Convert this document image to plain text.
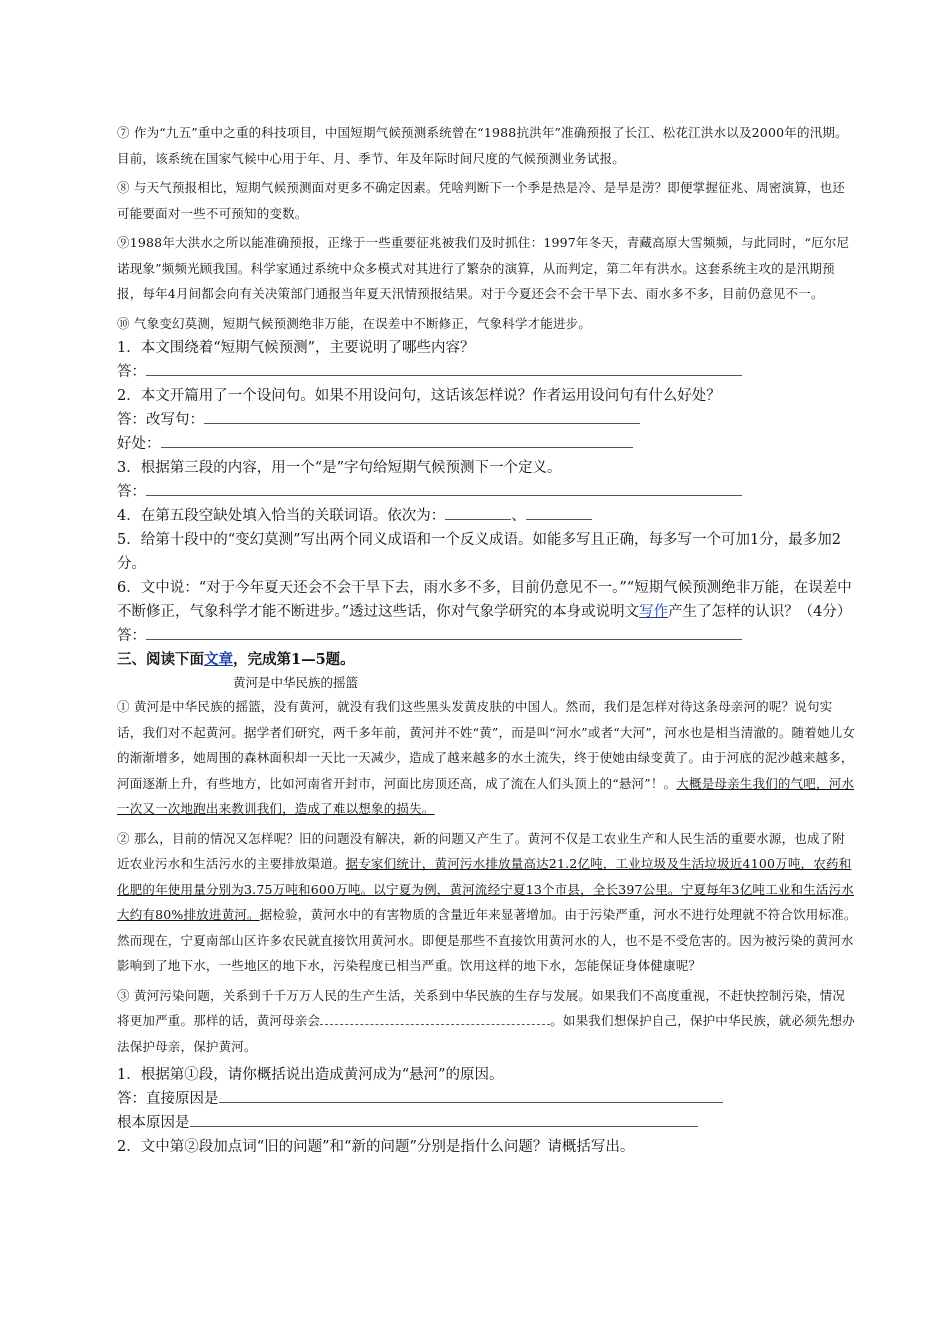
⑦ 作为“九五”重中之重的科技项目，中国短期气候预测系统曾在“1988抗洪年”准确预报了长江、松花江洪水以及2000年的汛期。目前，该系统在国家气候中心用于年、月、季节、年及年际时间尺度的气候预测业务试报。

⑧ 与天气预报相比，短期气候预测面对更多不确定因素。凭啥判断下一个季是热是冷、是旱是涝？即便掌握征兆、周密演算，也还可能要面对一些不可预知的变数。

⑨1988年大洪水之所以能准确预报，正缘于一些重要征兆被我们及时抓住：1997年冬天，青藏高原大雪频频，与此同时，“厄尔尼诺现象”频频光顾我国。科学家通过系统中众多模式对其进行了繁杂的演算，从而判定，第二年有洪水。这套系统主攻的是汛期预报，每年4月间都会向有关决策部门通报当年夏天汛情预报结果。对于今夏还会不会干旱下去、雨水多不多，目前仍意见不一。

⑩ 气象变幻莫测，短期气候预测绝非万能，在误差中不断修正，气象科学才能进步。

1．本文围绕着“短期气候预测”，主要说明了哪些内容？

答：

2．本文开篇用了一个设问句。如果不用设问句，这话该怎样说？作者运用设问句有什么好处？

答：改写句：

好处：

3．根据第三段的内容，用一个“是”字句给短期气候预测下一个定义。

答：

4．在第五段空缺处填入恰当的关联词语。依次为：	、

5．给第十段中的“变幻莫测”写出两个同义成语和一个反义成语。如能多写且正确，每多写一个可加1分，最多加2分。

6．文中说：“对于今年夏天还会不会干旱下去，雨水多不多，目前仍意见不一。”“短期气候预测绝非万能，在误差中不断修正，气象科学才能不断进步。”透过这些话，你对气象学研究的本身或说明文写作产生了怎样的认识？（4分）

答：

三、阅读下面文章，完成第1—5题。

黄河是中华民族的摇篮

① 黄河是中华民族的摇篮，没有黄河，就没有我们这些黑头发黄皮肤的中国人。然而，我们是怎样对待这条母亲河的呢？说句实话，我们对不起黄河。据学者们研究，两千多年前，黄河并不姓“黄”，而是叫“河水”或者“大河”，河水也是相当清澈的。随着她儿女的渐渐增多，她周围的森林面积却一天比一天减少，造成了越来越多的水土流失，终于使她由绿变黄了。由于河底的泥沙越来越多，河面逐渐上升，有些地方，比如河南省开封市，河面比房顶还高，成了流在人们头顶上的“悬河”！。大概是母亲生我们的气吧，河水一次又一次地跑出来教训我们，造成了难以想象的损失。

② 那么，目前的情况又怎样呢？旧的问题没有解决，新的问题又产生了。黄河不仅是工农业生产和人民生活的重要水源，也成了附近农业污水和生活污水的主要排放渠道。据专家们统计，黄河污水排放量高达21.2亿吨，工业垃圾及生活垃圾近4100万吨，农药和化肥的年使用量分别为3.75万吨和600万吨。以宁夏为例，黄河流经宁夏13个市县，全长397公里。宁夏每年3亿吨工业和生活污水大约有80%排放进黄河。据检验，黄河水中的有害物质的含量近年来显著增加。由于污染严重，河水不进行处理就不符合饮用标准。然而现在，宁夏南部山区许多农民就直接饮用黄河水。即便是那些不直接饮用黄河水的人，也不是不受危害的。因为被污染的黄河水影响到了地下水，一些地区的地下水，污染程度已相当严重。饮用这样的地下水，怎能保证身体健康呢？

③ 黄河污染问题，关系到千千万万人民的生产生活，关系到中华民族的生存与发展。如果我们不高度重视，不赶快控制污染，情况将更加严重。那样的话，黄河母亲会	。如果我们想保护自己，保护中华民族，就必须先想办法保护母亲，保护黄河。

1．根据第①段，请你概括说出造成黄河成为“悬河”的原因。

答：直接原因是

根本原因是

2．文中第②段加点词“旧的问题”和“新的问题”分别是指什么问题？请概括写出。
